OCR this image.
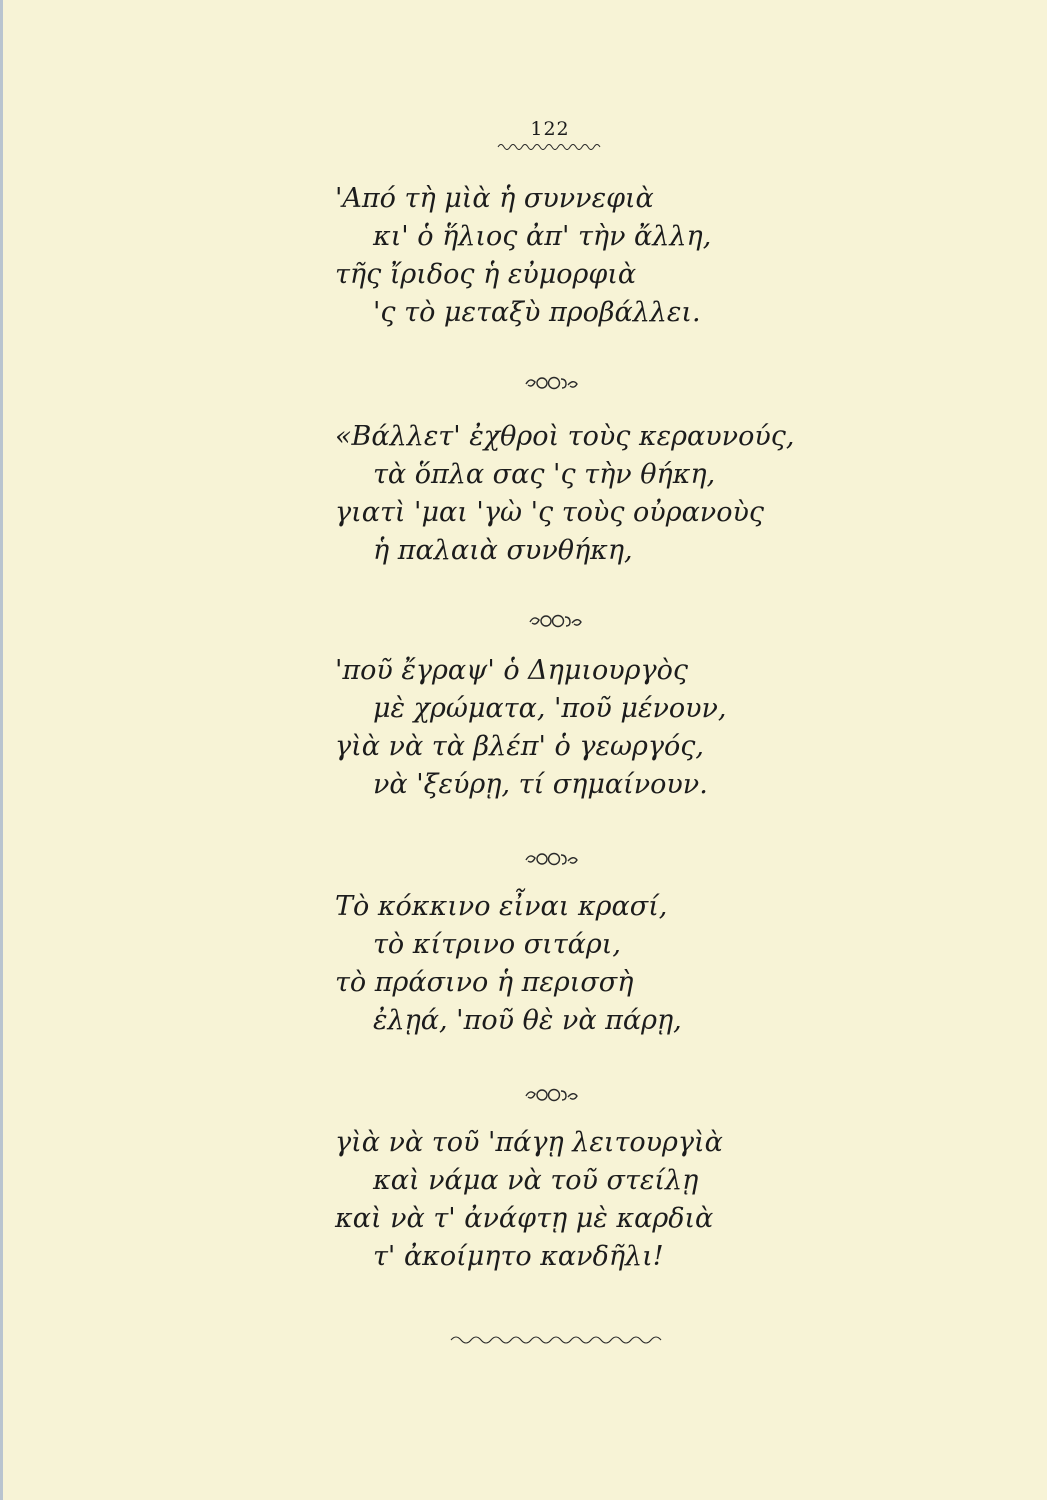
122
'Από τὴ μὶὰ ἡ συννεφιὰ
κι' ὁ ἥλιος ἀπ' τὴν ἄλλη,
τῆς ἴριδος ἡ εὐμορφιὰ
'ς τὸ μεταξὺ προβάλλει.
«Βάλλετ' ἐχθροὶ τοὺς κεραυνούς,
τὰ ὅπλα σας 'ς τὴν θήκη,
γιατὶ 'μαι 'γὼ 'ς τοὺς οὐρανοὺς
ἡ παλαιὰ συνθήκη,
'ποῦ ἔγραψ' ὁ Δημιουργὸς
μὲ χρώματα, 'ποῦ μένουν,
γὶὰ νὰ τὰ βλέπ' ὁ γεωργός,
νὰ 'ξεύρῃ, τί σημαίνουν.
Τὸ κόκκινο εἶναι κρασί,
τὸ κίτρινο σιτάρι,
τὸ πράσινο ἡ περισσὴ
ἐλῃά, 'ποῦ θὲ νὰ πάρῃ,
γὶὰ νὰ τοῦ 'πάγῃ λειτουργὶὰ
καὶ νάμα νὰ τοῦ στείλῃ
καὶ νὰ τ' ἀνάφτῃ μὲ καρδιὰ
τ' ἀκοίμητο κανδῆλι!
